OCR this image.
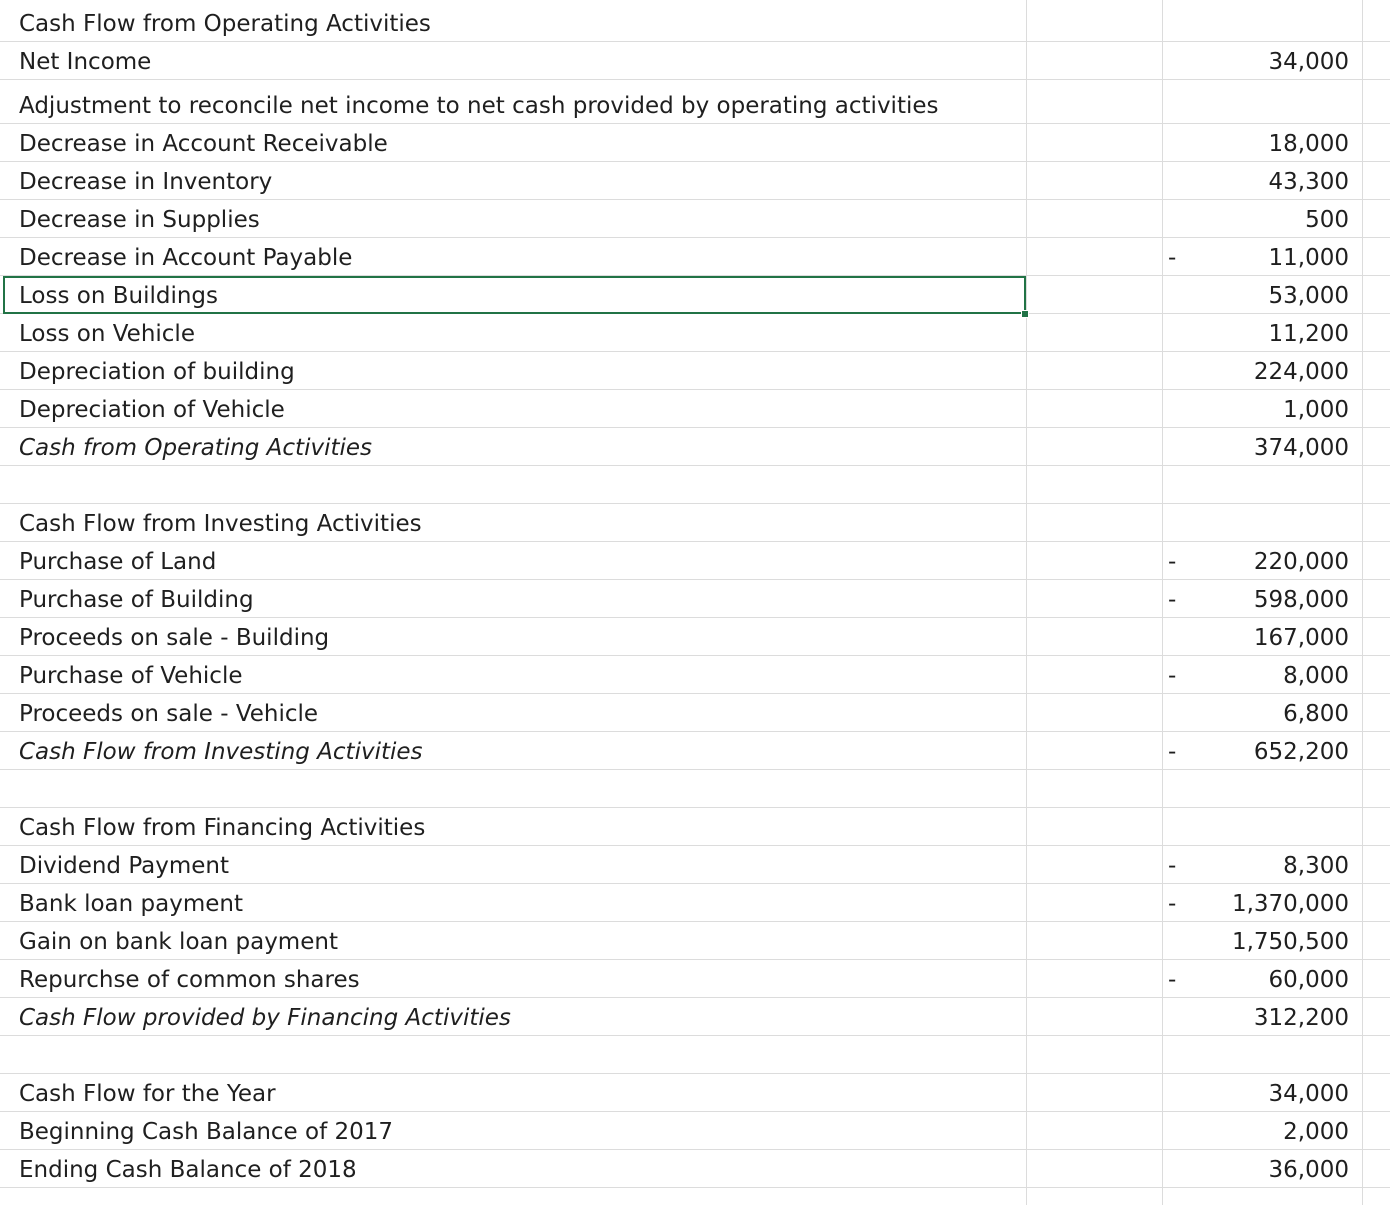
Cash Flow from Operating Activities
Net Income	34,000
Adjustment to reconcile net income to net cash provided by operating activities
Decrease in Account Receivable	18,000
Decrease in Inventory	43,300
Decrease in Supplies	500
Decrease in Account Payable	-	11,000
Loss on Buildings	53,000
Loss on Vehicle	11,200
Depreciation of building	224,000
Depreciation of Vehicle	1,000
Cash from Operating Activities	374,000
Cash Flow from Investing Activities
Purchase of Land	-	220,000
Purchase of Building	-	598,000
Proceeds on sale - Building	167,000
Purchase of Vehicle	-	8,000
Proceeds on sale - Vehicle	6,800
Cash Flow from Investing Activities	-	652,200
Cash Flow from Financing Activities
Dividend Payment	-	8,300
Bank loan payment	- 1,370,000
Gain on bank loan payment	1,750,500
Repurchse of common shares	-	60,000
Cash Flow provided by Financing Activities	312,200
Cash Flow for the Year	34,000
Beginning Cash Balance of 2017	2,000
Ending Cash Balance of 2018	36,000
